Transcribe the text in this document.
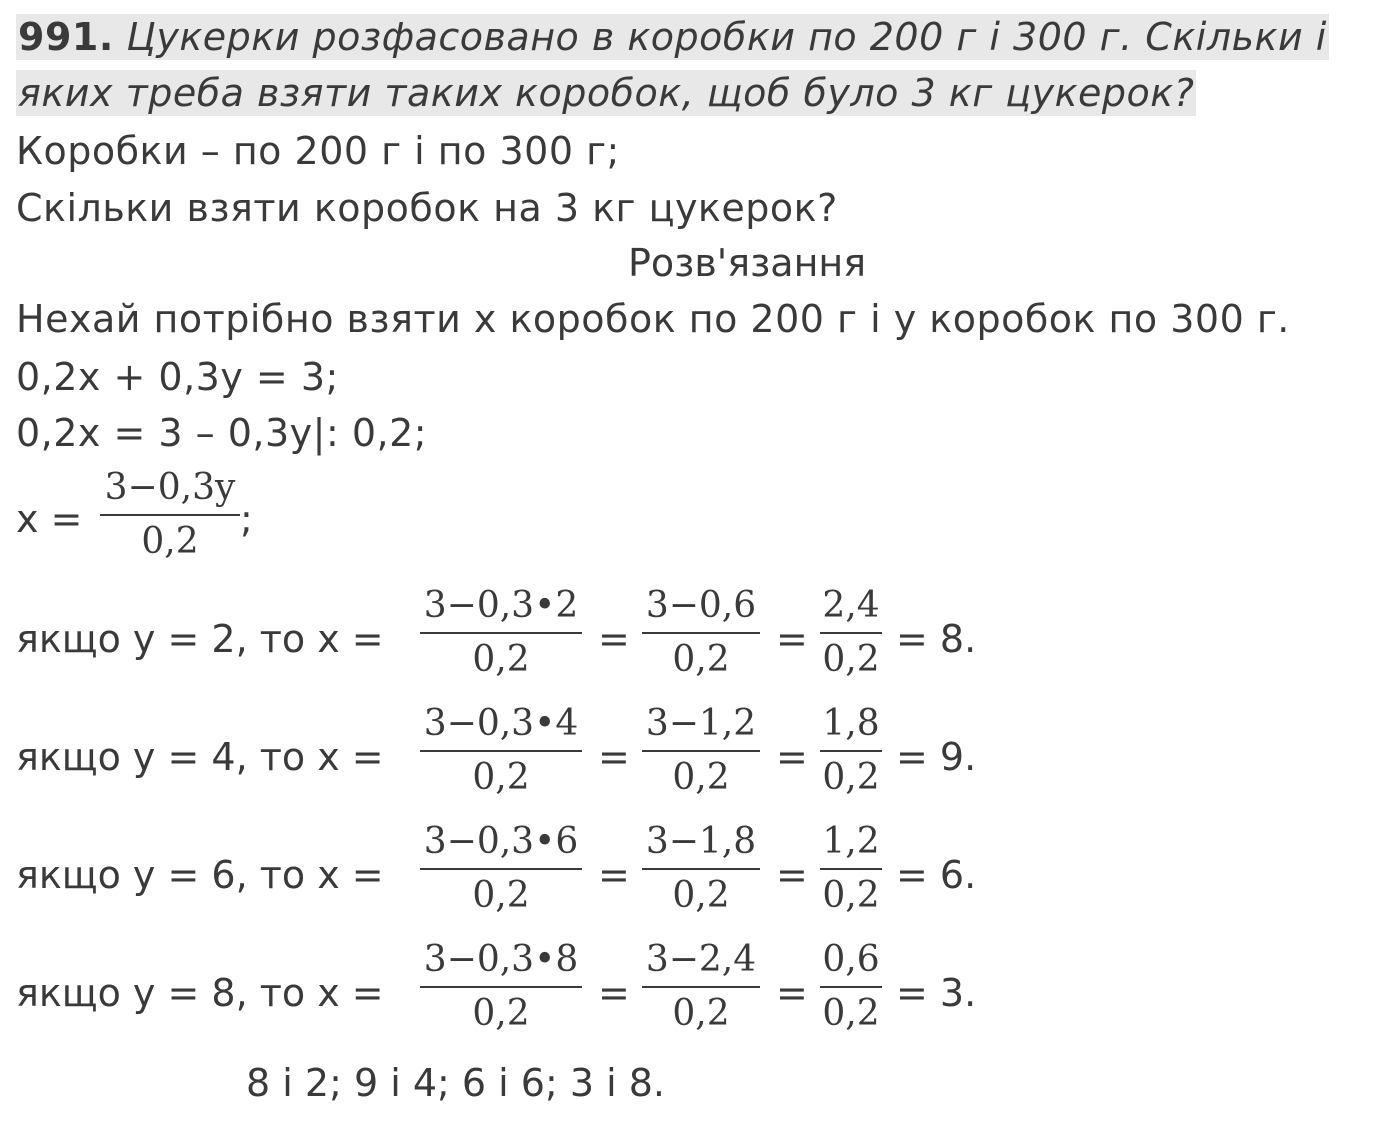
991. Цукерки розфасовано в коробки по 200 г і 300 г. Скільки і
яких треба взяти таких коробок, щоб було 3 кг цукерок?
Коробки – по 200 г і по 300 г;
Скільки взяти коробок на 3 кг цукерок?
Розв'язання
Нехай потрібно взяти х коробок по 200 г і у коробок по 300 г.
0,2х + 0,3у = 3;
0,2х = 3 – 0,3у|: 0,2;
х =
3−0,3y
0,2
;
якщо у = 2, то х =
3−0,3•2
0,2	=
3−0,6
0,2	=
2,4
0,2 = 8.
якщо у = 4, то х =
3−0,3•4
0,2	=
3−1,2
0,2	=
1,8
0,2 = 9.
якщо у = 6, то х =
3−0,3•6
0,2	=
3−1,8
0,2	=
1,2
0,2 = 6.
якщо у = 8, то х =
3−0,3•8
0,2	=
3−2,4
0,2	=
0,6
0,2 = 3.
8 і 2; 9 і 4; 6 і 6; 3 і 8.
